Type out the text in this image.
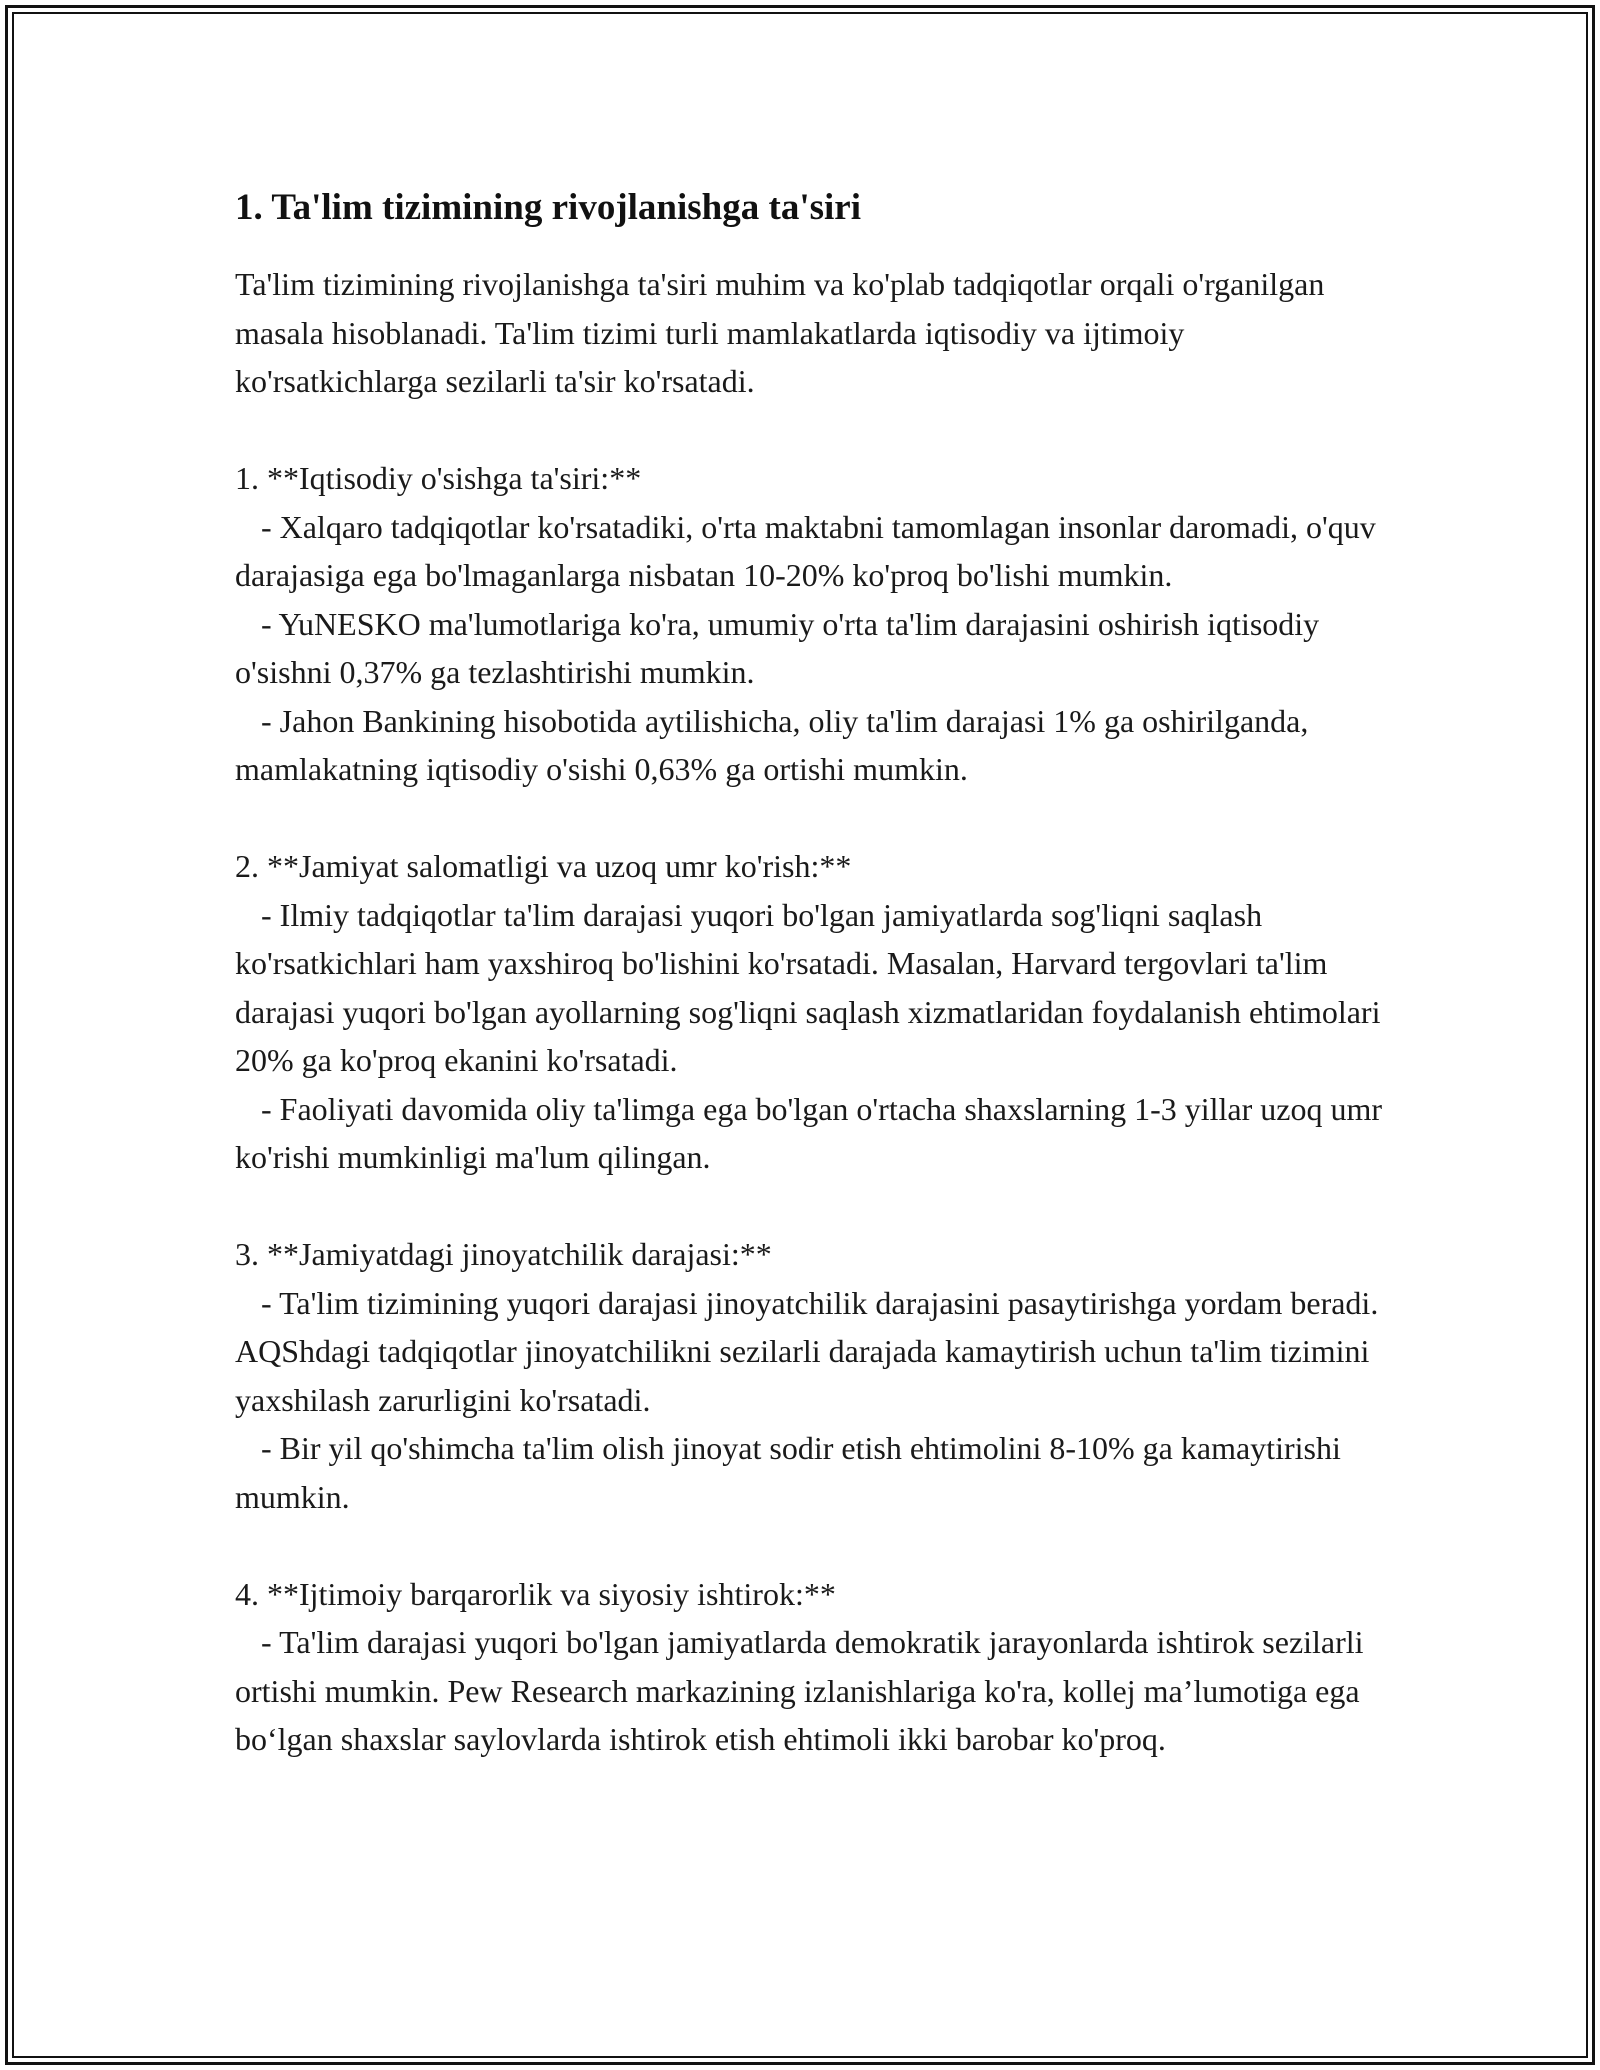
1. Ta'lim tizimining rivojlanishga ta'siri

Ta'lim tizimining rivojlanishga ta'siri muhim va ko'plab tadqiqotlar orqali o'rganilgan masala hisoblanadi. Ta'lim tizimi turli mamlakatlarda iqtisodiy va ijtimoiy ko'rsatkichlarga sezilarli ta'sir ko'rsatadi.

1. **Iqtisodiy o'sishga ta'siri:**

- Xalqaro tadqiqotlar ko'rsatadiki, o'rta maktabni tamomlagan insonlar daromadi, o'quv darajasiga ega bo'lmaganlarga nisbatan 10-20% ko'proq bo'lishi mumkin.

- YuNESKO ma'lumotlariga ko'ra, umumiy o'rta ta'lim darajasini oshirish iqtisodiy o'sishni 0,37% ga tezlashtirishi mumkin.

- Jahon Bankining hisobotida aytilishicha, oliy ta'lim darajasi 1% ga oshirilganda, mamlakatning iqtisodiy o'sishi 0,63% ga ortishi mumkin.

2. **Jamiyat salomatligi va uzoq umr ko'rish:**

- Ilmiy tadqiqotlar ta'lim darajasi yuqori bo'lgan jamiyatlarda sog'liqni saqlash ko'rsatkichlari ham yaxshiroq bo'lishini ko'rsatadi. Masalan, Harvard tergovlari ta'lim darajasi yuqori bo'lgan ayollarning sog'liqni saqlash xizmatlaridan foydalanish ehtimolari 20% ga ko'proq ekanini ko'rsatadi.

- Faoliyati davomida oliy ta'limga ega bo'lgan o'rtacha shaxslarning 1-3 yillar uzoq umr ko'rishi mumkinligi ma'lum qilingan.

3. **Jamiyatdagi jinoyatchilik darajasi:**

- Ta'lim tizimining yuqori darajasi jinoyatchilik darajasini pasaytirishga yordam beradi. AQShdagi tadqiqotlar jinoyatchilikni sezilarli darajada kamaytirish uchun ta'lim tizimini yaxshilash zarurligini ko'rsatadi.

- Bir yil qo'shimcha ta'lim olish jinoyat sodir etish ehtimolini 8-10% ga kamaytirishi mumkin.

4. **Ijtimoiy barqarorlik va siyosiy ishtirok:**

- Ta'lim darajasi yuqori bo'lgan jamiyatlarda demokratik jarayonlarda ishtirok sezilarli ortishi mumkin. Pew Research markazining izlanishlariga ko'ra, kollej ma’lumotiga ega bo‘lgan shaxslar saylovlarda ishtirok etish ehtimoli ikki barobar ko'proq.
